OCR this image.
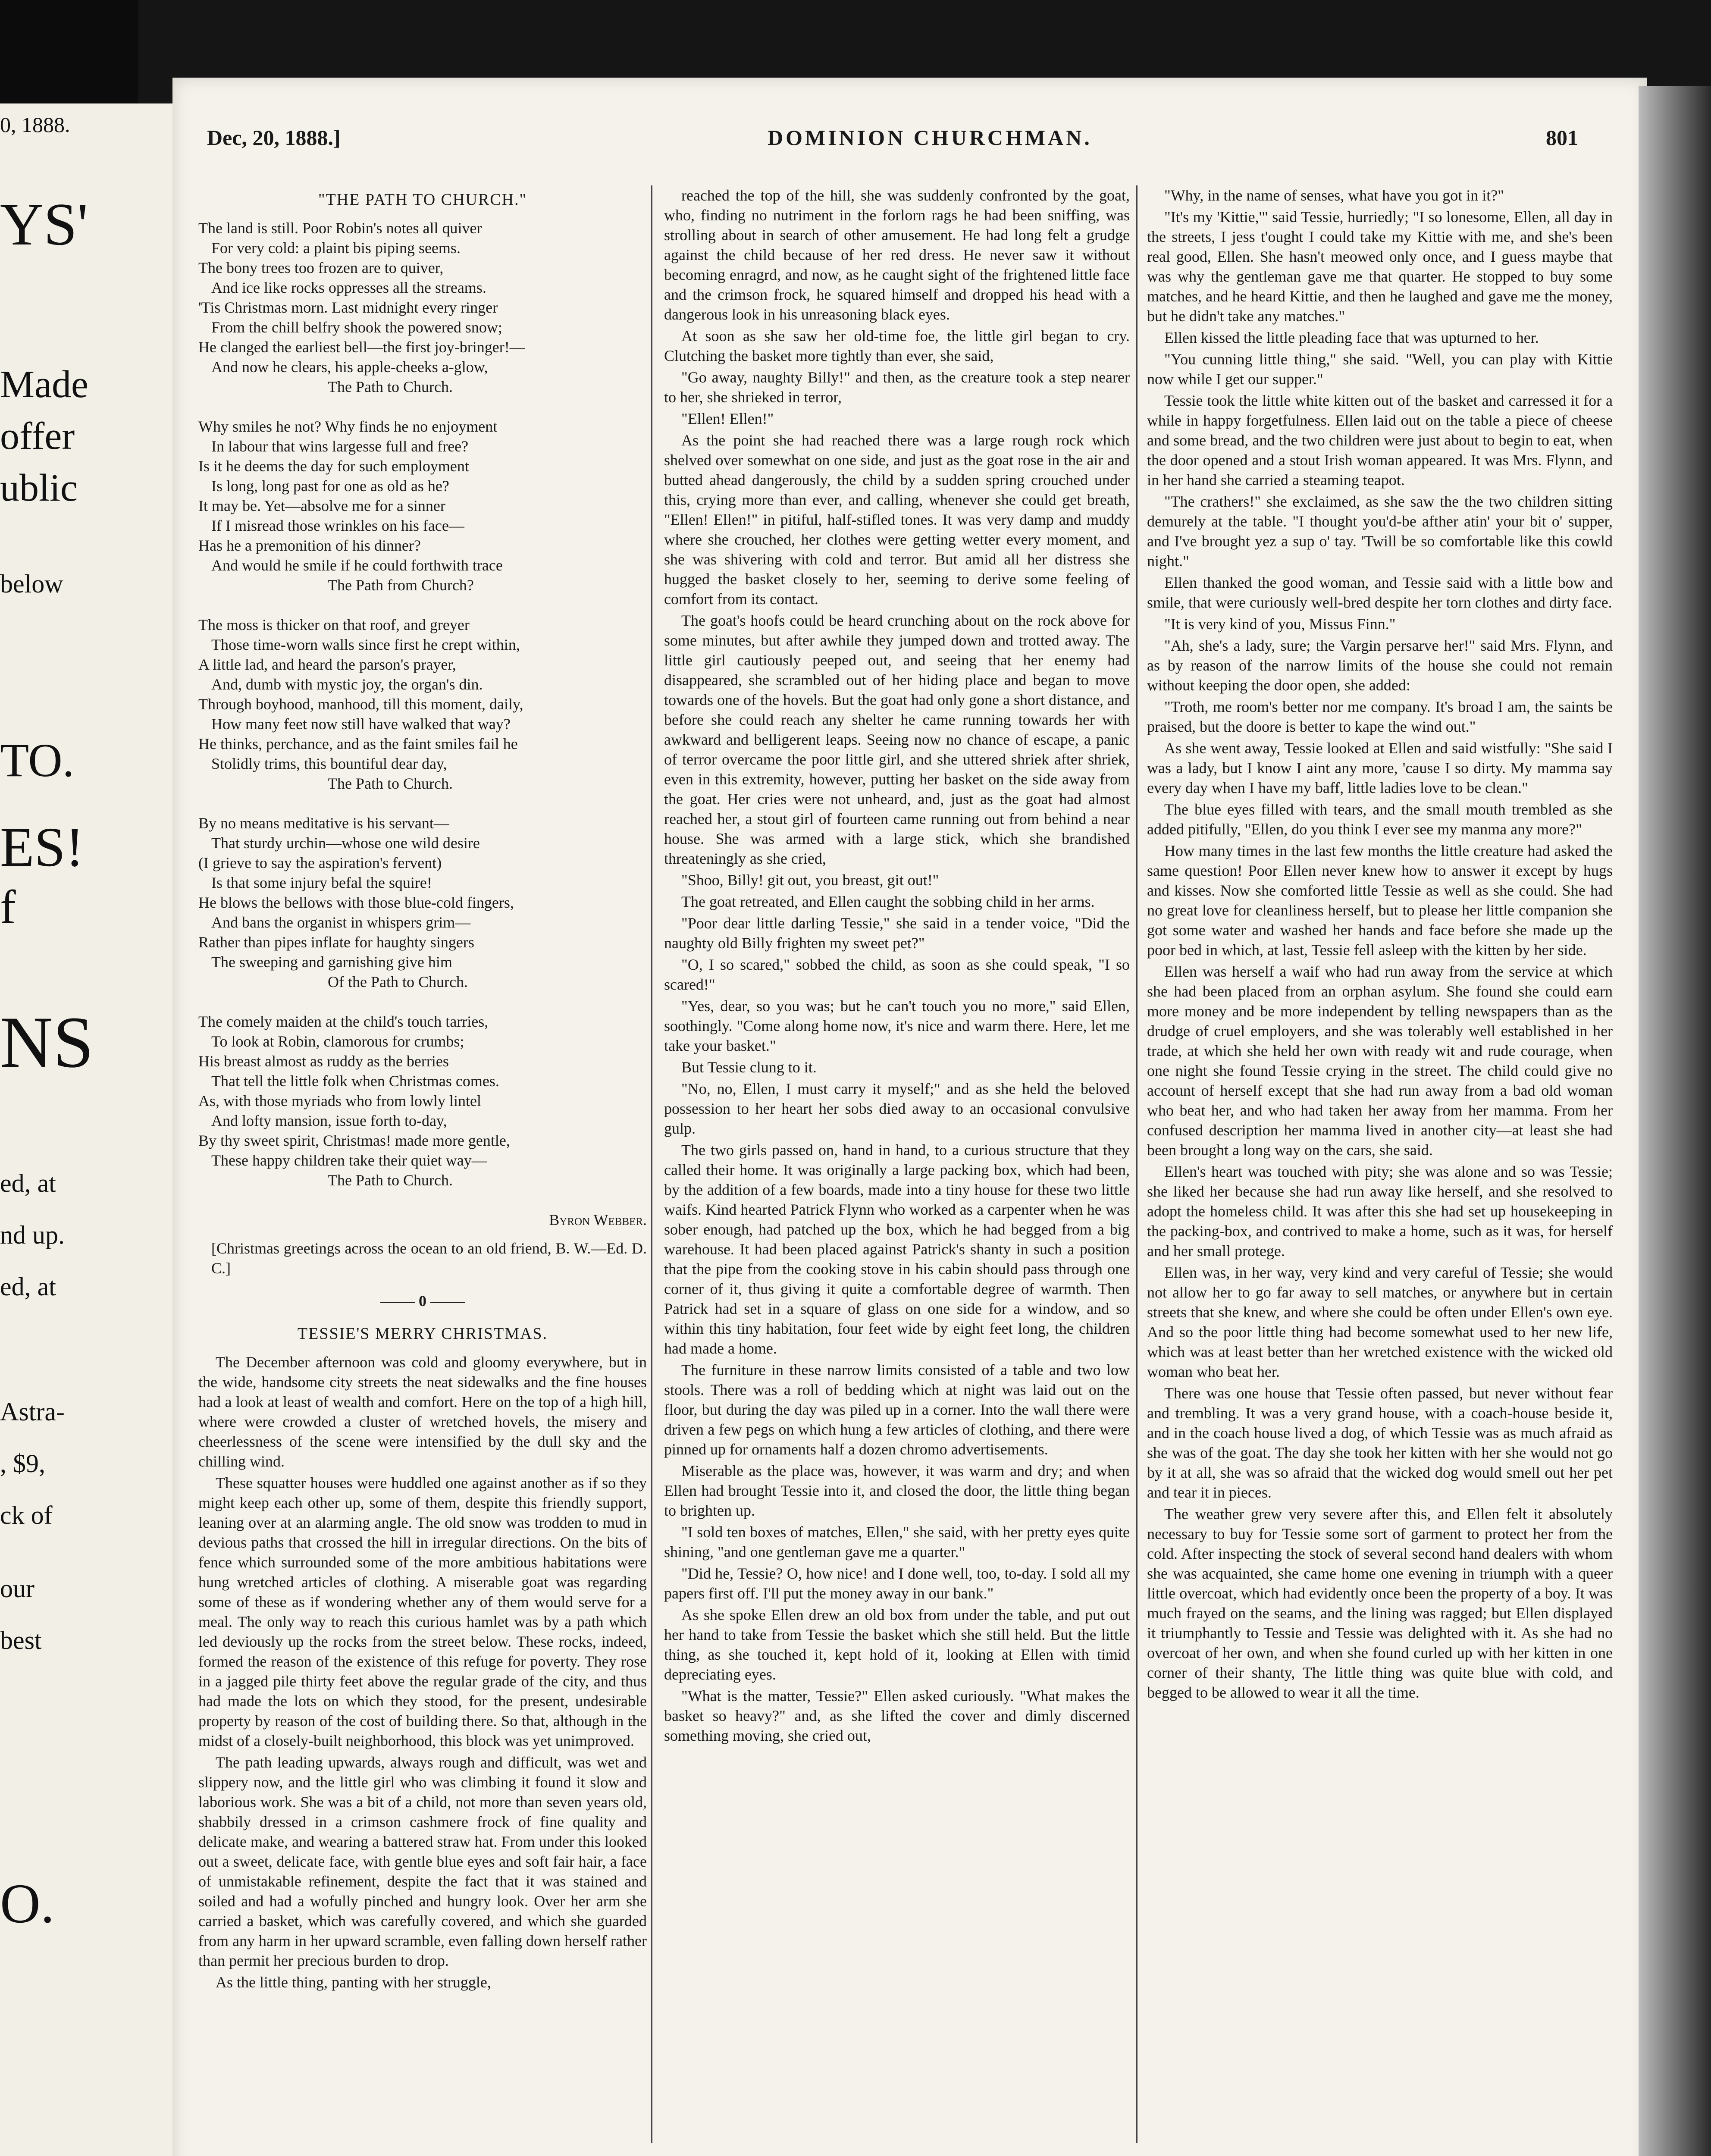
0, 1888.
YS'
Made
offer
ublic
below
TO.
ES!
f
NS
ed, at
nd up.
ed, at
Astra-
, $9,
ck of
our
best
O.
Dec, 20, 1888.]	DOMINION CHURCHMAN.	801
"THE PATH TO CHURCH."
The land is still. Poor Robin's notes all quiver
For very cold: a plaint bis piping seems.
The bony trees too frozen are to quiver,
And ice like rocks oppresses all the streams.
'Tis Christmas morn. Last midnight every ringer
From the chill belfry shook the powered snow;
He clanged the earliest bell—the first joy-bringer!—
And now he clears, his apple-cheeks a-glow,
The Path to Church.
Why smiles he not? Why finds he no enjoyment
In labour that wins largesse full and free?
Is it he deems the day for such employment
Is long, long past for one as old as he?
It may be. Yet—absolve me for a sinner
If I misread those wrinkles on his face—
Has he a premonition of his dinner?
And would he smile if he could forthwith trace
The Path from Church?
The moss is thicker on that roof, and greyer
Those time-worn walls since first he crept within,
A little lad, and heard the parson's prayer,
And, dumb with mystic joy, the organ's din.
Through boyhood, manhood, till this moment, daily,
How many feet now still have walked that way?
He thinks, perchance, and as the faint smiles fail he
Stolidly trims, this bountiful dear day,
The Path to Church.
By no means meditative is his servant—
That sturdy urchin—whose one wild desire
(I grieve to say the aspiration's fervent)
Is that some injury befal the squire!
He blows the bellows with those blue-cold fingers,
And bans the organist in whispers grim—
Rather than pipes inflate for haughty singers
The sweeping and garnishing give him
Of the Path to Church.
The comely maiden at the child's touch tarries,
To look at Robin, clamorous for crumbs;
His breast almost as ruddy as the berries
That tell the little folk when Christmas comes.
As, with those myriads who from lowly lintel
And lofty mansion, issue forth to-day,
By thy sweet spirit, Christmas! made more gentle,
These happy children take their quiet way—
The Path to Church.
Byron Webber.
[Christmas greetings across the ocean to an old friend, B. W.—Ed. D. C.]
0
TESSIE'S MERRY CHRISTMAS.

The December afternoon was cold and gloomy everywhere, but in the wide, handsome city streets the neat sidewalks and the fine houses had a look at least of wealth and comfort. Here on the top of a high hill, where were crowded a cluster of wretched hovels, the misery and cheerlessness of the scene were intensified by the dull sky and the chilling wind.

These squatter houses were huddled one against another as if so they might keep each other up, some of them, despite this friendly support, leaning over at an alarming angle. The old snow was trodden to mud in devious paths that crossed the hill in irregular directions. On the bits of fence which surrounded some of the more ambitious habitations were hung wretched articles of clothing. A miserable goat was regarding some of these as if wondering whether any of them would serve for a meal. The only way to reach this curious hamlet was by a path which led deviously up the rocks from the street below. These rocks, indeed, formed the reason of the existence of this refuge for poverty. They rose in a jagged pile thirty feet above the regular grade of the city, and thus had made the lots on which they stood, for the present, undesirable property by reason of the cost of building there. So that, although in the midst of a closely-built neighborhood, this block was yet unimproved.

The path leading upwards, always rough and difficult, was wet and slippery now, and the little girl who was climbing it found it slow and laborious work. She was a bit of a child, not more than seven years old, shabbily dressed in a crimson cashmere frock of fine quality and delicate make, and wearing a battered straw hat. From under this looked out a sweet, delicate face, with gentle blue eyes and soft fair hair, a face of unmistakable refinement, despite the fact that it was stained and soiled and had a wofully pinched and hungry look. Over her arm she carried a basket, which was carefully covered, and which she guarded from any harm in her upward scramble, even falling down herself rather than permit her precious burden to drop.

As the little thing, panting with her struggle,

reached the top of the hill, she was suddenly confronted by the goat, who, finding no nutriment in the forlorn rags he had been sniffing, was strolling about in search of other amusement. He had long felt a grudge against the child because of her red dress. He never saw it without becoming enragrd, and now, as he caught sight of the frightened little face and the crimson frock, he squared himself and dropped his head with a dangerous look in his unreasoning black eyes.

At soon as she saw her old-time foe, the little girl began to cry. Clutching the basket more tightly than ever, she said,

"Go away, naughty Billy!" and then, as the creature took a step nearer to her, she shrieked in terror,

"Ellen! Ellen!"

As the point she had reached there was a large rough rock which shelved over somewhat on one side, and just as the goat rose in the air and butted ahead dangerously, the child by a sudden spring crouched under this, crying more than ever, and calling, whenever she could get breath, "Ellen! Ellen!" in pitiful, half-stifled tones. It was very damp and muddy where she crouched, her clothes were getting wetter every moment, and she was shivering with cold and terror. But amid all her distress she hugged the basket closely to her, seeming to derive some feeling of comfort from its contact.

The goat's hoofs could be heard crunching about on the rock above for some minutes, but after awhile they jumped down and trotted away. The little girl cautiously peeped out, and seeing that her enemy had disappeared, she scrambled out of her hiding place and began to move towards one of the hovels. But the goat had only gone a short distance, and before she could reach any shelter he came running towards her with awkward and belligerent leaps. Seeing now no chance of escape, a panic of terror overcame the poor little girl, and she uttered shriek after shriek, even in this extremity, however, putting her basket on the side away from the goat. Her cries were not unheard, and, just as the goat had almost reached her, a stout girl of fourteen came running out from behind a near house. She was armed with a large stick, which she brandished threateningly as she cried,

"Shoo, Billy! git out, you breast, git out!"

The goat retreated, and Ellen caught the sobbing child in her arms.

"Poor dear little darling Tessie," she said in a tender voice, "Did the naughty old Billy frighten my sweet pet?"

"O, I so scared," sobbed the child, as soon as she could speak, "I so scared!"

"Yes, dear, so you was; but he can't touch you no more," said Ellen, soothingly. "Come along home now, it's nice and warm there. Here, let me take your basket."

But Tessie clung to it.

"No, no, Ellen, I must carry it myself;" and as she held the beloved possession to her heart her sobs died away to an occasional convulsive gulp.

The two girls passed on, hand in hand, to a curious structure that they called their home. It was originally a large packing box, which had been, by the addition of a few boards, made into a tiny house for these two little waifs. Kind hearted Patrick Flynn who worked as a carpenter when he was sober enough, had patched up the box, which he had begged from a big warehouse. It had been placed against Patrick's shanty in such a position that the pipe from the cooking stove in his cabin should pass through one corner of it, thus giving it quite a comfortable degree of warmth. Then Patrick had set in a square of glass on one side for a window, and so within this tiny habitation, four feet wide by eight feet long, the children had made a home.

The furniture in these narrow limits consisted of a table and two low stools. There was a roll of bedding which at night was laid out on the floor, but during the day was piled up in a corner. Into the wall there were driven a few pegs on which hung a few articles of clothing, and there were pinned up for ornaments half a dozen chromo advertisements.

Miserable as the place was, however, it was warm and dry; and when Ellen had brought Tessie into it, and closed the door, the little thing began to brighten up.

"I sold ten boxes of matches, Ellen," she said, with her pretty eyes quite shining, "and one gentleman gave me a quarter."

"Did he, Tessie? O, how nice! and I done well, too, to-day. I sold all my papers first off. I'll put the money away in our bank."

As she spoke Ellen drew an old box from under the table, and put out her hand to take from Tessie the basket which she still held. But the little thing, as she touched it, kept hold of it, looking at Ellen with timid depreciating eyes.

"What is the matter, Tessie?" Ellen asked curiously. "What makes the basket so heavy?" and, as she lifted the cover and dimly discerned something moving, she cried out,

"Why, in the name of senses, what have you got in it?"

"It's my 'Kittie,'" said Tessie, hurriedly; "I so lonesome, Ellen, all day in the streets, I jess t'ought I could take my Kittie with me, and she's been real good, Ellen. She hasn't meowed only once, and I guess maybe that was why the gentleman gave me that quarter. He stopped to buy some matches, and he heard Kittie, and then he laughed and gave me the money, but he didn't take any matches."

Ellen kissed the little pleading face that was upturned to her.

"You cunning little thing," she said. "Well, you can play with Kittie now while I get our supper."

Tessie took the little white kitten out of the basket and carressed it for a while in happy forgetfulness. Ellen laid out on the table a piece of cheese and some bread, and the two children were just about to begin to eat, when the door opened and a stout Irish woman appeared. It was Mrs. Flynn, and in her hand she carried a steaming teapot.

"The crathers!" she exclaimed, as she saw the the two children sitting demurely at the table. "I thought you'd-be afther atin' your bit o' supper, and I've brought yez a sup o' tay. 'Twill be so comfortable like this cowld night."

Ellen thanked the good woman, and Tessie said with a little bow and smile, that were curiously well-bred despite her torn clothes and dirty face.

"It is very kind of you, Missus Finn."

"Ah, she's a lady, sure; the Vargin persarve her!" said Mrs. Flynn, and as by reason of the narrow limits of the house she could not remain without keeping the door open, she added:

"Troth, me room's better nor me company. It's broad I am, the saints be praised, but the doore is better to kape the wind out."

As she went away, Tessie looked at Ellen and said wistfully: "She said I was a lady, but I know I aint any more, 'cause I so dirty. My mamma say every day when I have my baff, little ladies love to be clean."

The blue eyes filled with tears, and the small mouth trembled as she added pitifully, "Ellen, do you think I ever see my manma any more?"

How many times in the last few months the little creature had asked the same question! Poor Ellen never knew how to answer it except by hugs and kisses. Now she comforted little Tessie as well as she could. She had no great love for cleanliness herself, but to please her little companion she got some water and washed her hands and face before she made up the poor bed in which, at last, Tessie fell asleep with the kitten by her side.

Ellen was herself a waif who had run away from the service at which she had been placed from an orphan asylum. She found she could earn more money and be more independent by telling newspapers than as the drudge of cruel employers, and she was tolerably well established in her trade, at which she held her own with ready wit and rude courage, when one night she found Tessie crying in the street. The child could give no account of herself except that she had run away from a bad old woman who beat her, and who had taken her away from her mamma. From her confused description her mamma lived in another city—at least she had been brought a long way on the cars, she said.

Ellen's heart was touched with pity; she was alone and so was Tessie; she liked her because she had run away like herself, and she resolved to adopt the homeless child. It was after this she had set up housekeeping in the packing-box, and contrived to make a home, such as it was, for herself and her small protege.

Ellen was, in her way, very kind and very careful of Tessie; she would not allow her to go far away to sell matches, or anywhere but in certain streets that she knew, and where she could be often under Ellen's own eye. And so the poor little thing had become somewhat used to her new life, which was at least better than her wretched existence with the wicked old woman who beat her.

There was one house that Tessie often passed, but never without fear and trembling. It was a very grand house, with a coach-house beside it, and in the coach house lived a dog, of which Tessie was as much afraid as she was of the goat. The day she took her kitten with her she would not go by it at all, she was so afraid that the wicked dog would smell out her pet and tear it in pieces.

The weather grew very severe after this, and Ellen felt it absolutely necessary to buy for Tessie some sort of garment to protect her from the cold. After inspecting the stock of several second hand dealers with whom she was acquainted, she came home one evening in triumph with a queer little overcoat, which had evidently once been the property of a boy. It was much frayed on the seams, and the lining was ragged; but Ellen displayed it triumphantly to Tessie and Tessie was delighted with it. As she had no overcoat of her own, and when she found curled up with her kitten in one corner of their shanty, The little thing was quite blue with cold, and begged to be allowed to wear it all the time.
